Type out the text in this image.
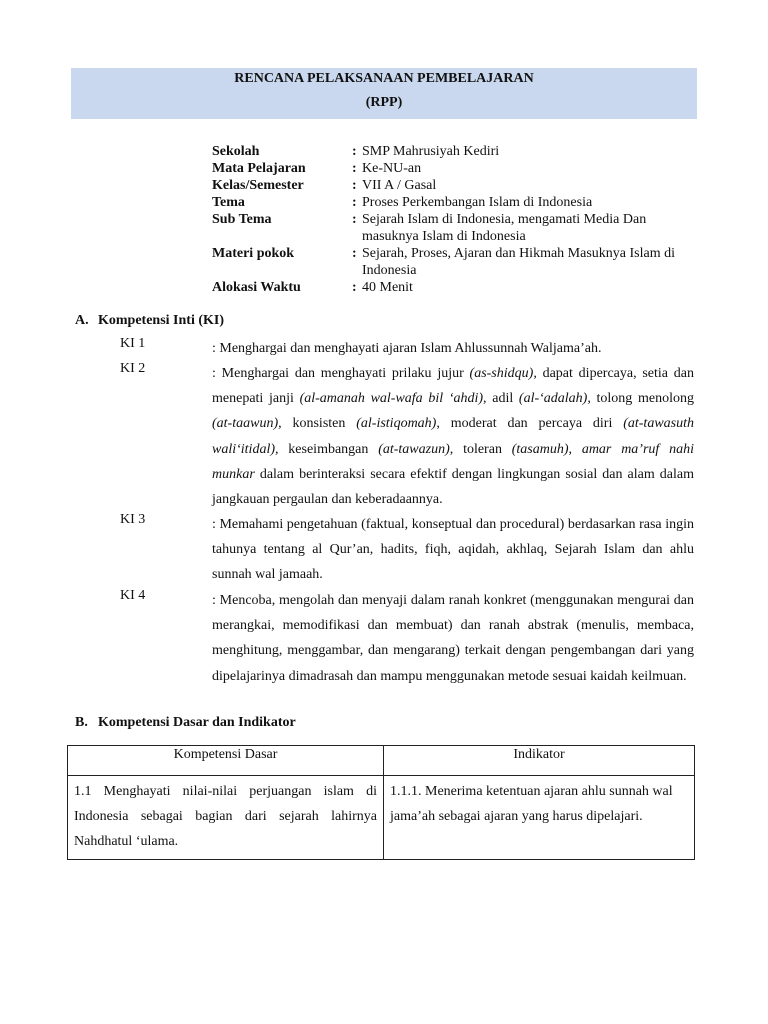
RENCANA PELAKSANAAN PEMBELAJARAN
(RPP)
Sekolah	: SMP Mahrusiyah Kediri
Mata Pelajaran	: Ke-NU-an
Kelas/Semester	: VII A / Gasal
Tema	: Proses Perkembangan Islam di Indonesia
Sub Tema	: Sejarah Islam di Indonesia, mengamati Media Dan masuknya Islam di Indonesia
Materi pokok	: Sejarah, Proses, Ajaran dan Hikmah Masuknya Islam di Indonesia
Alokasi Waktu	: 40 Menit
A. Kompetensi Inti (KI)
KI 1	: Menghargai dan menghayati ajaran Islam Ahlussunnah Waljama’ah.
KI 2	: Menghargai dan menghayati prilaku jujur (as-shidqu), dapat dipercaya, setia dan menepati janji (al-amanah wal-wafa bil ‘ahdi), adil (al-‘adalah), tolong menolong (at-taawun), konsisten (al-istiqomah), moderat dan percaya diri (at-tawasuth wali‘itidal), keseimbangan (at-tawazun), toleran (tasamuh), amar ma’ruf nahi munkar dalam berinteraksi secara efektif dengan lingkungan sosial dan alam dalam jangkauan pergaulan dan keberadaannya.
KI 3	: Memahami pengetahuan (faktual, konseptual dan procedural) berdasarkan rasa ingin tahunya tentang al Qur’an, hadits, fiqh, aqidah, akhlaq, Sejarah Islam dan ahlu sunnah wal jamaah.
KI 4	: Mencoba, mengolah dan menyaji dalam ranah konkret (menggunakan mengurai dan merangkai, memodifikasi dan membuat) dan ranah abstrak (menulis, membaca, menghitung, menggambar, dan mengarang) terkait dengan pengembangan dari yang dipelajarinya dimadrasah dan mampu menggunakan metode sesuai kaidah keilmuan.
B. Kompetensi Dasar dan Indikator
Kompetensi Dasar	Indikator
1.1 Menghayati nilai-nilai perjuangan islam di Indonesia sebagai bagian dari sejarah lahirnya Nahdhatul ‘ulama.	1.1.1. Menerima ketentuan ajaran ahlu sunnah wal jama’ah sebagai ajaran yang harus dipelajari.
